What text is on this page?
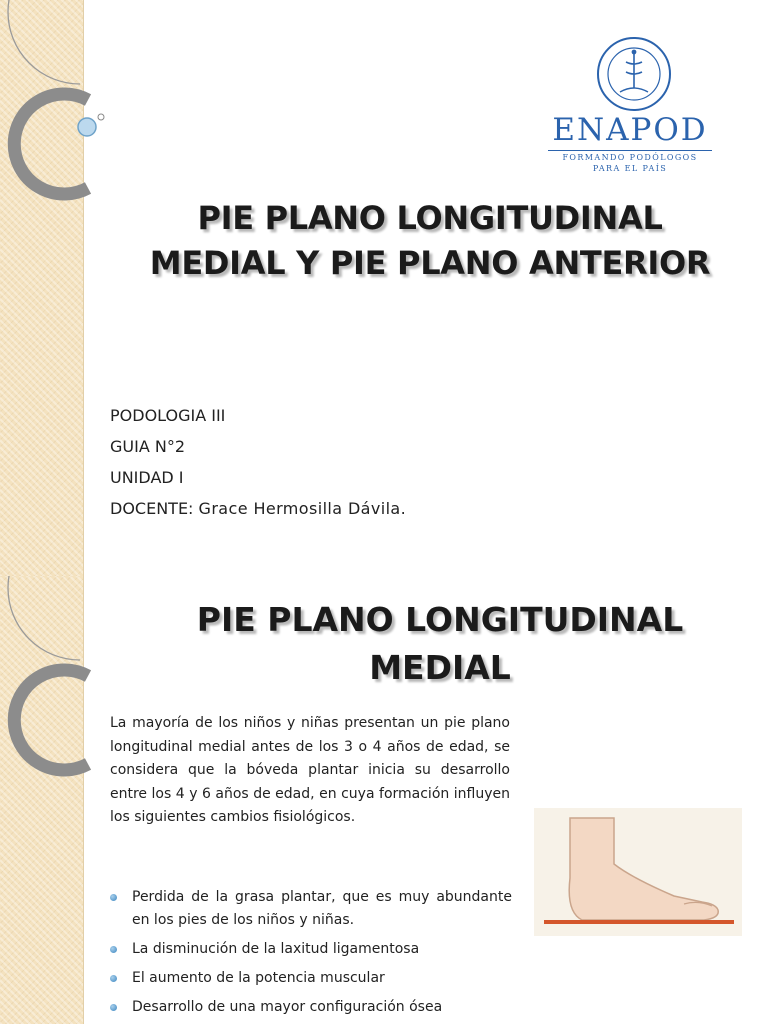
ENAPOD
FORMANDO PODÓLOGOS
PARA EL PAÍS
PIE PLANO LONGITUDINAL
MEDIAL Y PIE PLANO ANTERIOR
PODOLOGIA III
GUIA N°2
UNIDAD I
DOCENTE: Grace Hermosilla Dávila.
PIE PLANO LONGITUDINAL
MEDIAL

La mayoría de los niños y niñas presentan un pie plano longitudinal medial antes de los 3 o 4 años de edad, se considera que la bóveda plantar inicia su desarrollo entre los 4 y 6 años de edad, en cuya formación influyen los siguientes cambios fisiológicos.

Perdida de la grasa plantar, que es muy abundante en los pies de los niños y niñas.
La disminución de la laxitud ligamentosa
El aumento de la potencia muscular
Desarrollo de una mayor configuración ósea
